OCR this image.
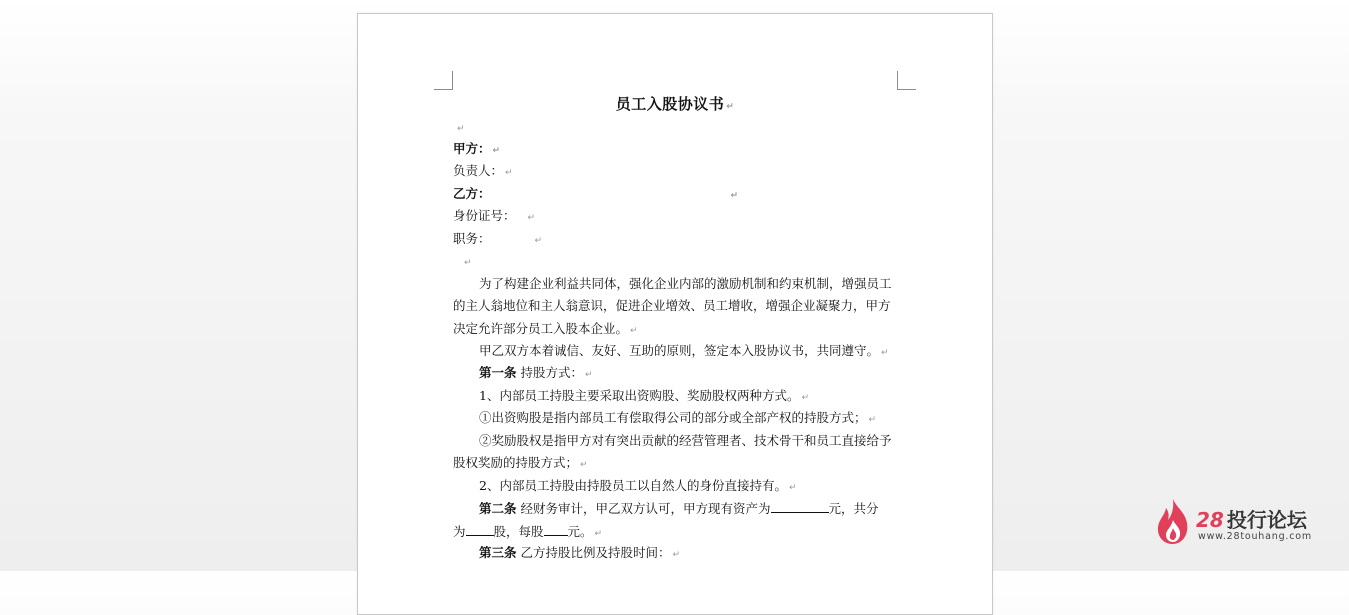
员工入股协议书 ↵
↵
甲方： ↵
负责人： ↵
乙方：	↵
身份证号： ↵
职务：	↵
↵
为了构建企业利益共同体，强化企业内部的激励机制和约束机制，增强员工
的主人翁地位和主人翁意识，促进企业增效、员工增收，增强企业凝聚力，甲方
决定允许部分员工入股本企业。 ↵
甲乙双方本着诚信、友好、互助的原则，签定本入股协议书，共同遵守。 ↵
第一条 持股方式： ↵
1、内部员工持股主要采取出资购股、奖励股权两种方式。 ↵
①出资购股是指内部员工有偿取得公司的部分或全部产权的持股方式； ↵
②奖励股权是指甲方对有突出贡献的经营管理者、技术骨干和员工直接给予
股权奖励的持股方式； ↵
2、内部员工持股由持股员工以自然人的身份直接持有。 ↵
第二条 经财务审计，甲乙双方认可，甲方现有资产为	元，共分
为 股，每股 元。 ↵
第三条 乙方持股比例及持股时间： ↵
28 投行论坛
www.28touhang.com
